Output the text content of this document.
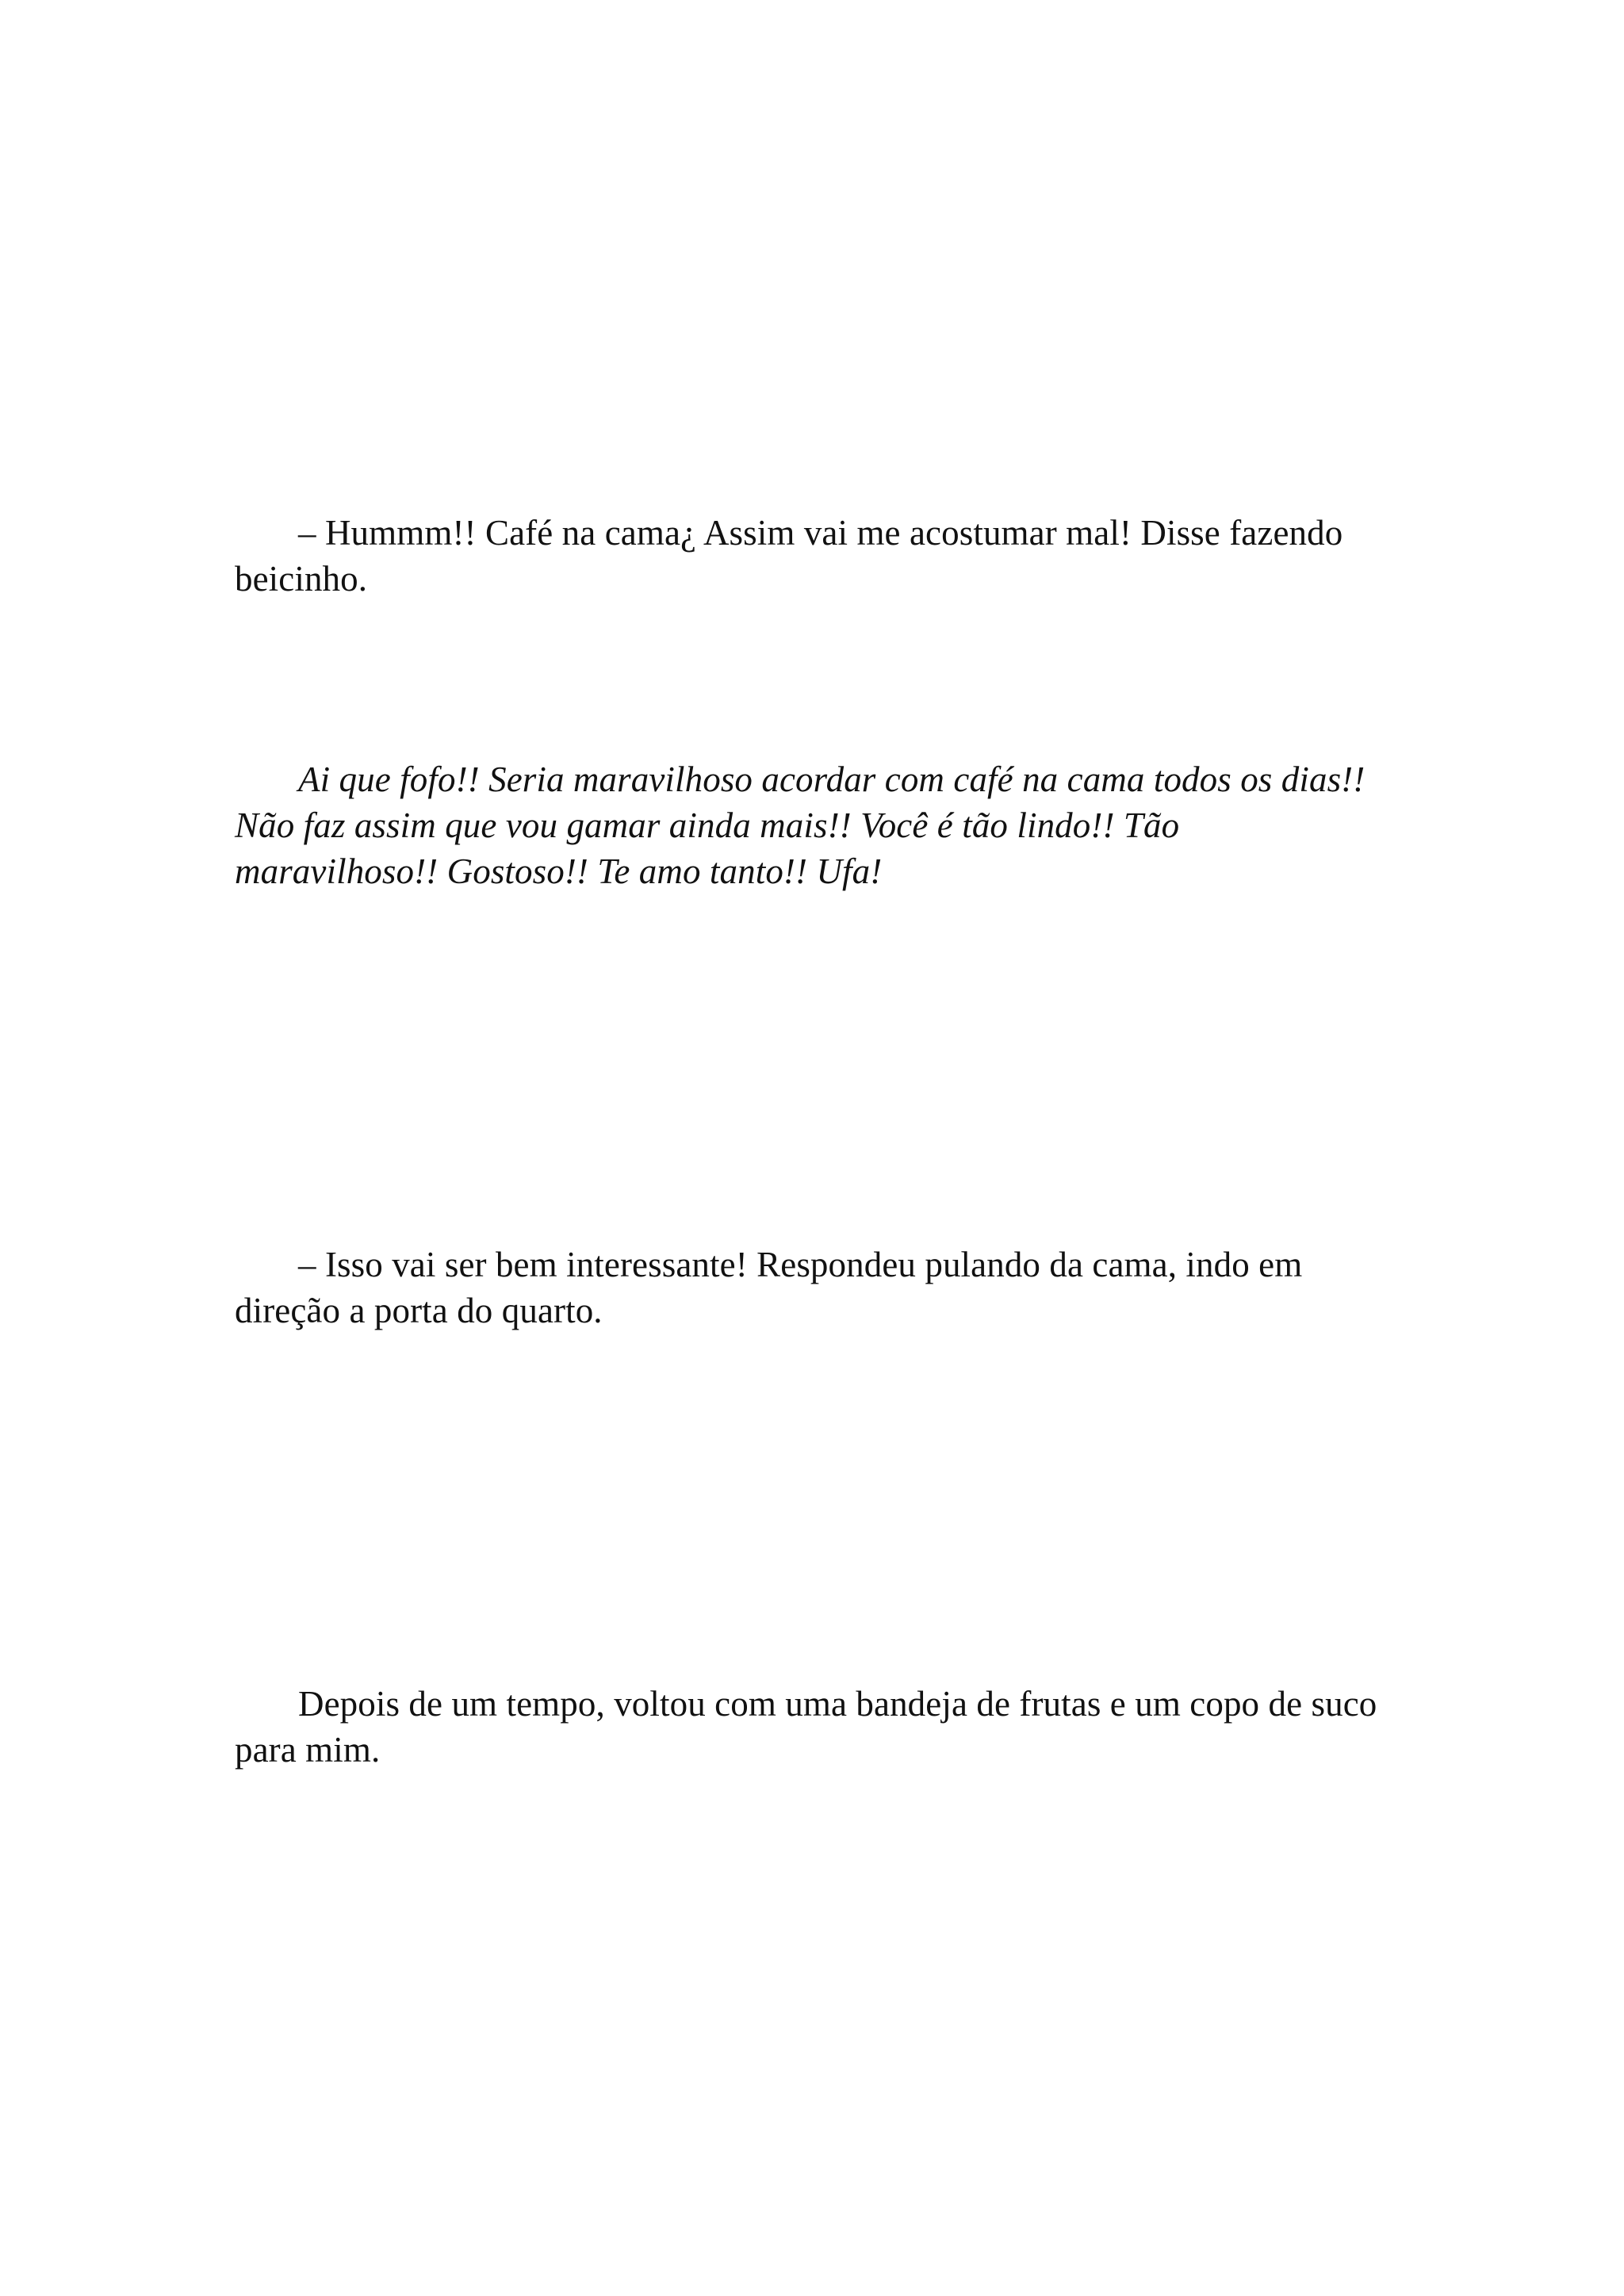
– Hummm!! Café na cama¿ Assim vai me acostumar mal! Disse fazendo beicinho.

Ai que fofo!! Seria maravilhoso acordar com café na cama todos os dias!! Não faz assim que vou gamar ainda mais!! Você é tão lindo!! Tão maravilhoso!! Gostoso!! Te amo tanto!! Ufa!

– Isso vai ser bem interessante! Respondeu pulando da cama, indo em direção a porta do quarto.

Depois de um tempo, voltou com uma bandeja de frutas e um copo de suco para mim.
